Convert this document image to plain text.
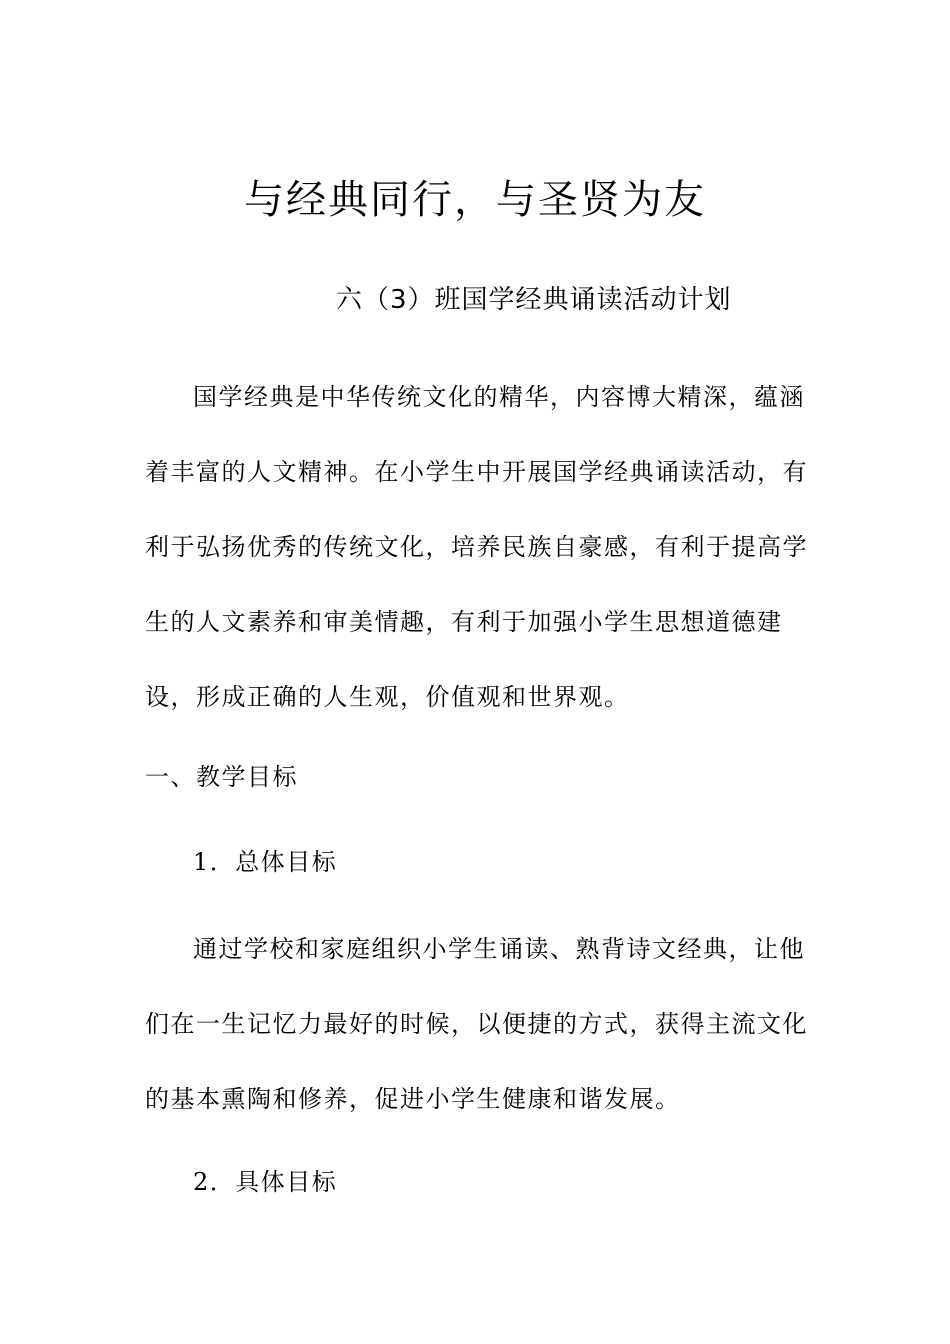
与经典同行，与圣贤为友
六（3）班国学经典诵读活动计划
国学经典是中华传统文化的精华，内容博大精深，蕴涵着丰富的人文精神。在小学生中开展国学经典诵读活动，有利于弘扬优秀的传统文化，培养民族自豪感，有利于提高学生的人文素养和审美情趣，有利于加强小学生思想道德建设，形成正确的人生观，价值观和世界观。
一、教学目标
1．总体目标
通过学校和家庭组织小学生诵读、熟背诗文经典，让他们在一生记忆力最好的时候，以便捷的方式，获得主流文化的基本熏陶和修养，促进小学生健康和谐发展。
2．具体目标
